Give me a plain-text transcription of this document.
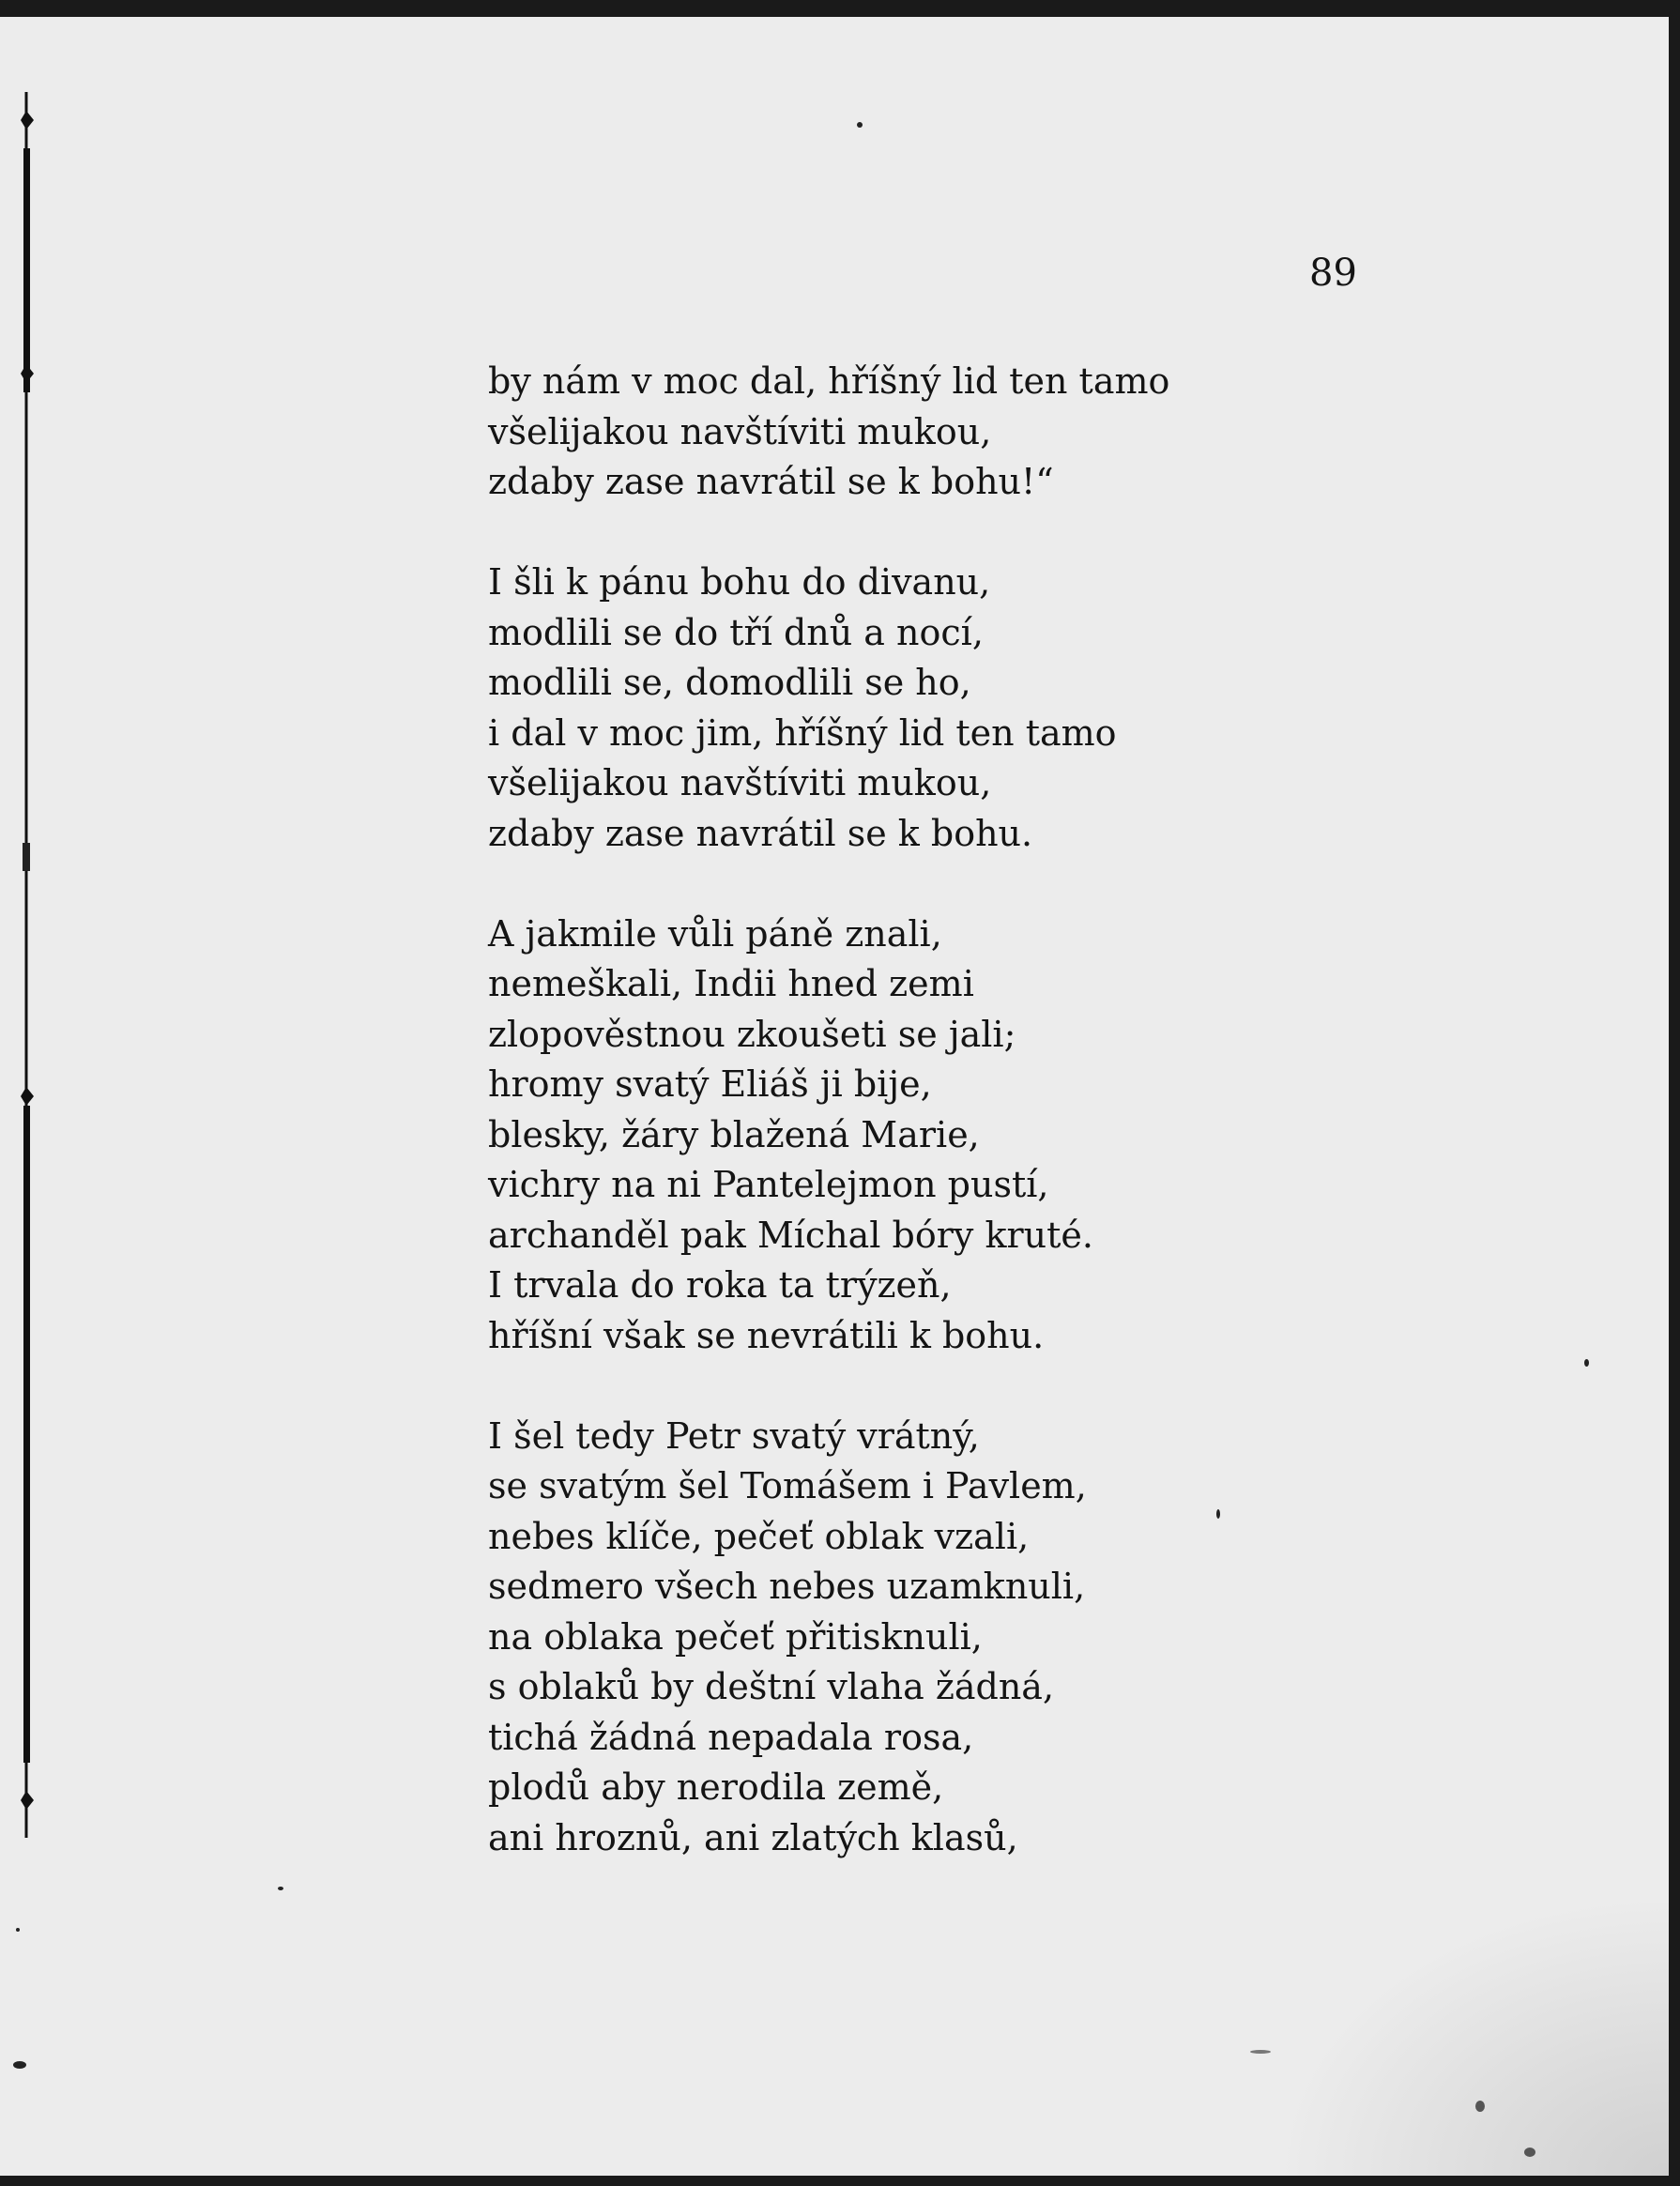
89
by nám v moc dal, hříšný lid ten tamo
všelijakou navštíviti mukou,
zdaby zase navrátil se k bohu!“
I šli k pánu bohu do divanu,
modlili se do tří dnů a nocí,
modlili se, domodlili se ho,
i dal v moc jim, hříšný lid ten tamo
všelijakou navštíviti mukou,
zdaby zase navrátil se k bohu.
A jakmile vůli páně znali,
nemeškali, Indii hned zemi
zlopověstnou zkoušeti se jali;
hromy svatý Eliáš ji bije,
blesky, žáry blažená Marie,
vichry na ni Pantelejmon pustí,
archanděl pak Míchal bóry kruté.
I trvala do roka ta trýzeň,
hříšní však se nevrátili k bohu.
I šel tedy Petr svatý vrátný,
se svatým šel Tomášem i Pavlem,
nebes klíče, pečeť oblak vzali,
sedmero všech nebes uzamknuli,
na oblaka pečeť přitisknuli,
s oblaků by deštní vlaha žádná,
tichá žádná nepadala rosa,
plodů aby nerodila země,
ani hroznů, ani zlatých klasů,
